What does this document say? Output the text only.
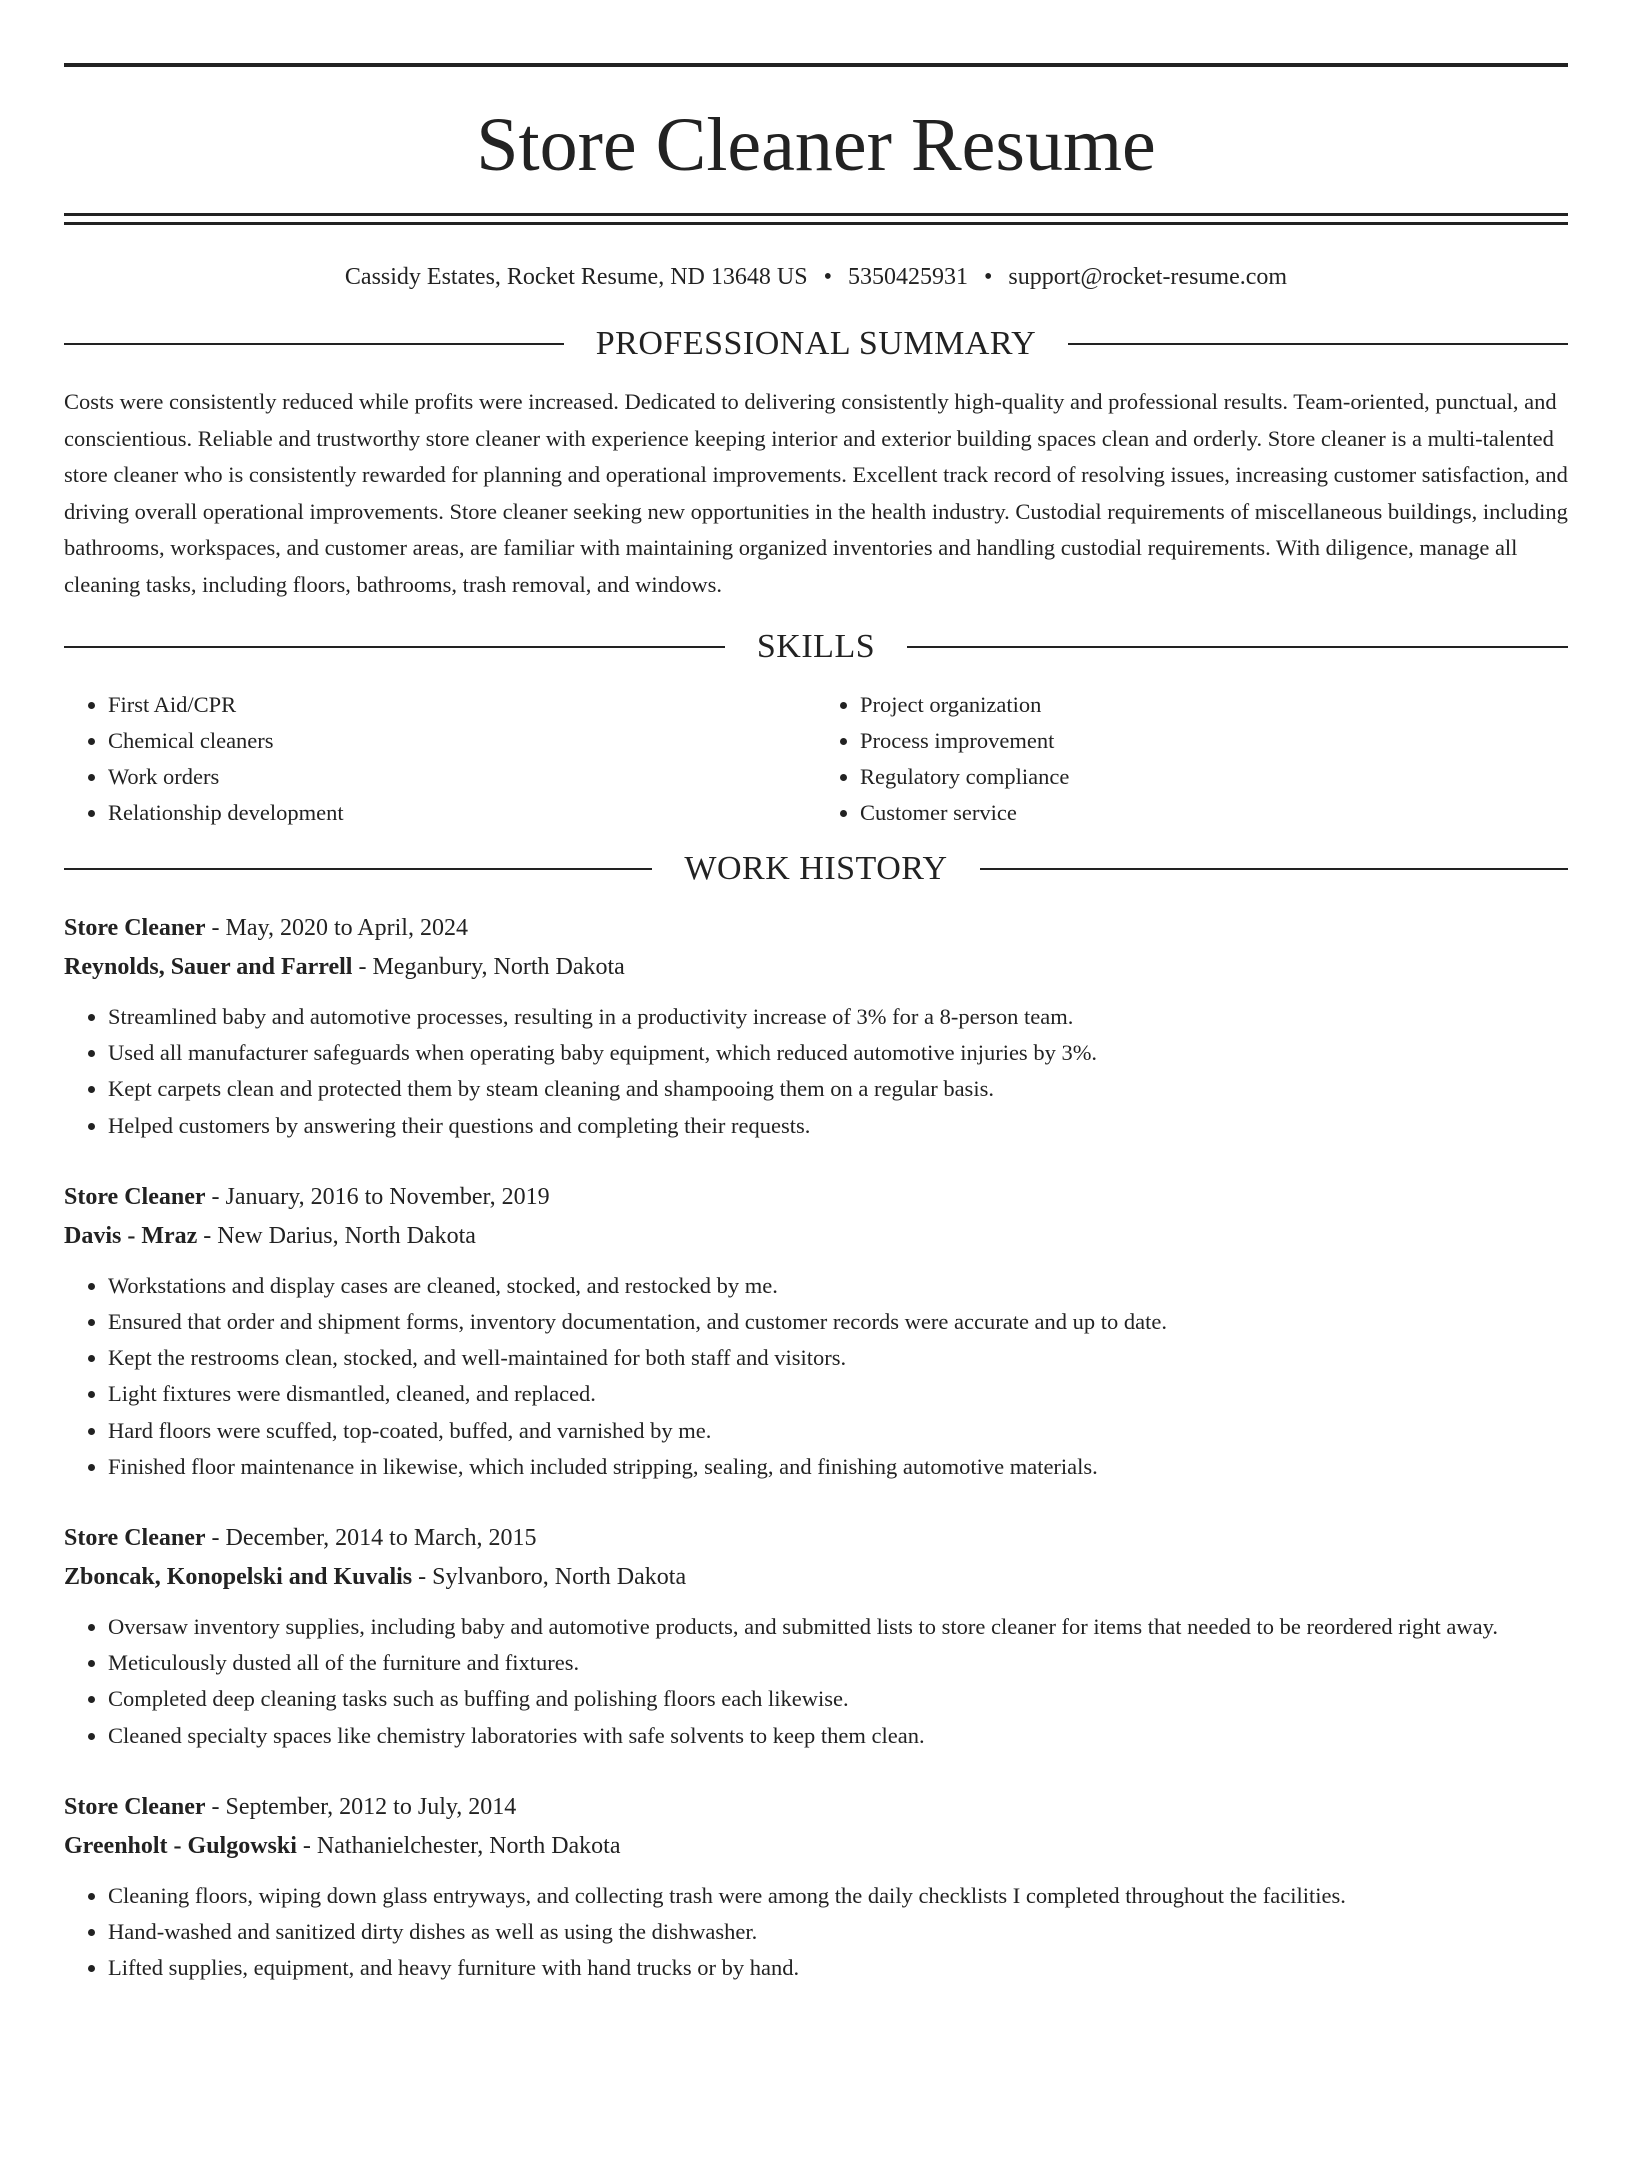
Store Cleaner Resume
Cassidy Estates, Rocket Resume, ND 13648 US • 5350425931 • support@rocket-resume.com
PROFESSIONAL SUMMARY
Costs were consistently reduced while profits were increased. Dedicated to delivering consistently high-quality and professional results. Team-oriented, punctual, and conscientious. Reliable and trustworthy store cleaner with experience keeping interior and exterior building spaces clean and orderly. Store cleaner is a multi-talented store cleaner who is consistently rewarded for planning and operational improvements. Excellent track record of resolving issues, increasing customer satisfaction, and driving overall operational improvements. Store cleaner seeking new opportunities in the health industry. Custodial requirements of miscellaneous buildings, including bathrooms, workspaces, and customer areas, are familiar with maintaining organized inventories and handling custodial requirements. With diligence, manage all cleaning tasks, including floors, bathrooms, trash removal, and windows.
SKILLS
• First Aid/CPR
• Chemical cleaners
• Work orders
• Relationship development
• Project organization
• Process improvement
• Regulatory compliance
• Customer service
WORK HISTORY
Store Cleaner - May, 2020 to April, 2024
Reynolds, Sauer and Farrell - Meganbury, North Dakota
• Streamlined baby and automotive processes, resulting in a productivity increase of 3% for a 8-person team.
• Used all manufacturer safeguards when operating baby equipment, which reduced automotive injuries by 3%.
• Kept carpets clean and protected them by steam cleaning and shampooing them on a regular basis.
• Helped customers by answering their questions and completing their requests.
Store Cleaner - January, 2016 to November, 2019
Davis - Mraz - New Darius, North Dakota
• Workstations and display cases are cleaned, stocked, and restocked by me.
• Ensured that order and shipment forms, inventory documentation, and customer records were accurate and up to date.
• Kept the restrooms clean, stocked, and well-maintained for both staff and visitors.
• Light fixtures were dismantled, cleaned, and replaced.
• Hard floors were scuffed, top-coated, buffed, and varnished by me.
• Finished floor maintenance in likewise, which included stripping, sealing, and finishing automotive materials.
Store Cleaner - December, 2014 to March, 2015
Zboncak, Konopelski and Kuvalis - Sylvanboro, North Dakota
• Oversaw inventory supplies, including baby and automotive products, and submitted lists to store cleaner for items that needed to be reordered right away.
• Meticulously dusted all of the furniture and fixtures.
• Completed deep cleaning tasks such as buffing and polishing floors each likewise.
• Cleaned specialty spaces like chemistry laboratories with safe solvents to keep them clean.
Store Cleaner - September, 2012 to July, 2014
Greenholt - Gulgowski - Nathanielchester, North Dakota
• Cleaning floors, wiping down glass entryways, and collecting trash were among the daily checklists I completed throughout the facilities.
• Hand-washed and sanitized dirty dishes as well as using the dishwasher.
• Lifted supplies, equipment, and heavy furniture with hand trucks or by hand.
